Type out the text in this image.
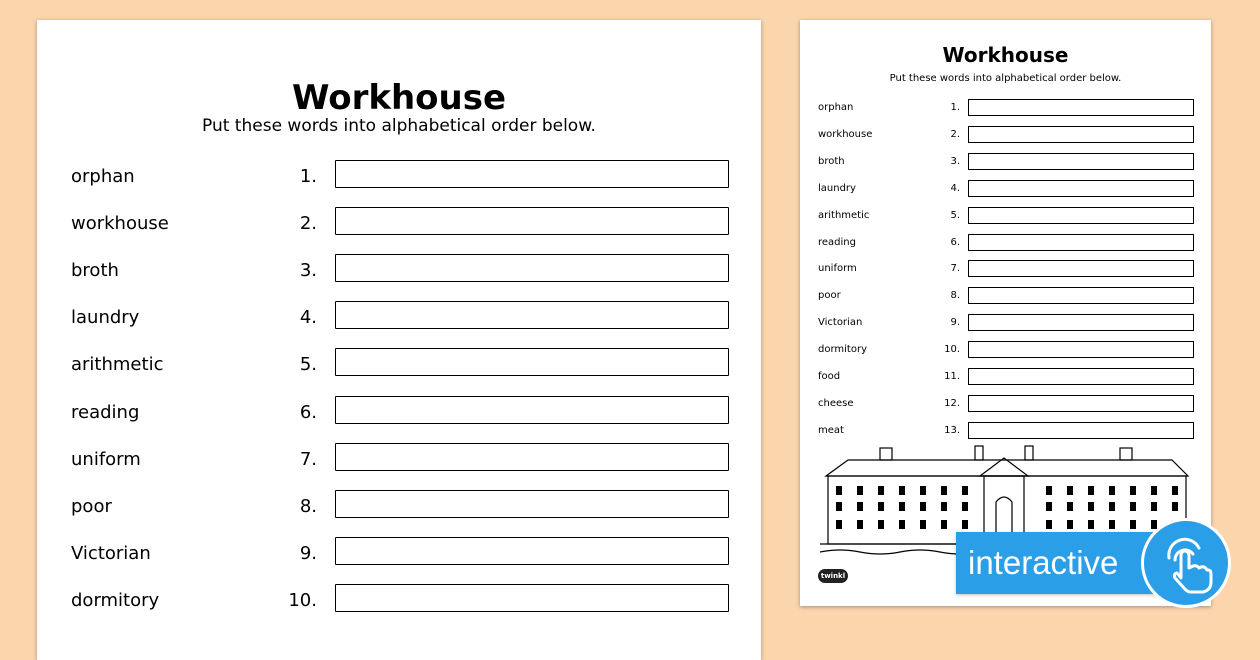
Workhouse
Put these words into alphabetical order below.
orphan	1.
workhouse	2.
broth	3.
laundry	4.
arithmetic	5.
reading	6.
uniform	7.
poor	8.
Victorian	9.
dormitory	10.
Workhouse
Put these words into alphabetical order below.
orphan	1.
workhouse	2.
broth	3.
laundry	4.
arithmetic	5.
reading	6.
uniform	7.
poor	8.
Victorian	9.
dormitory	10.
food	11.
cheese	12.
meat	13.
twinkl	interactive
